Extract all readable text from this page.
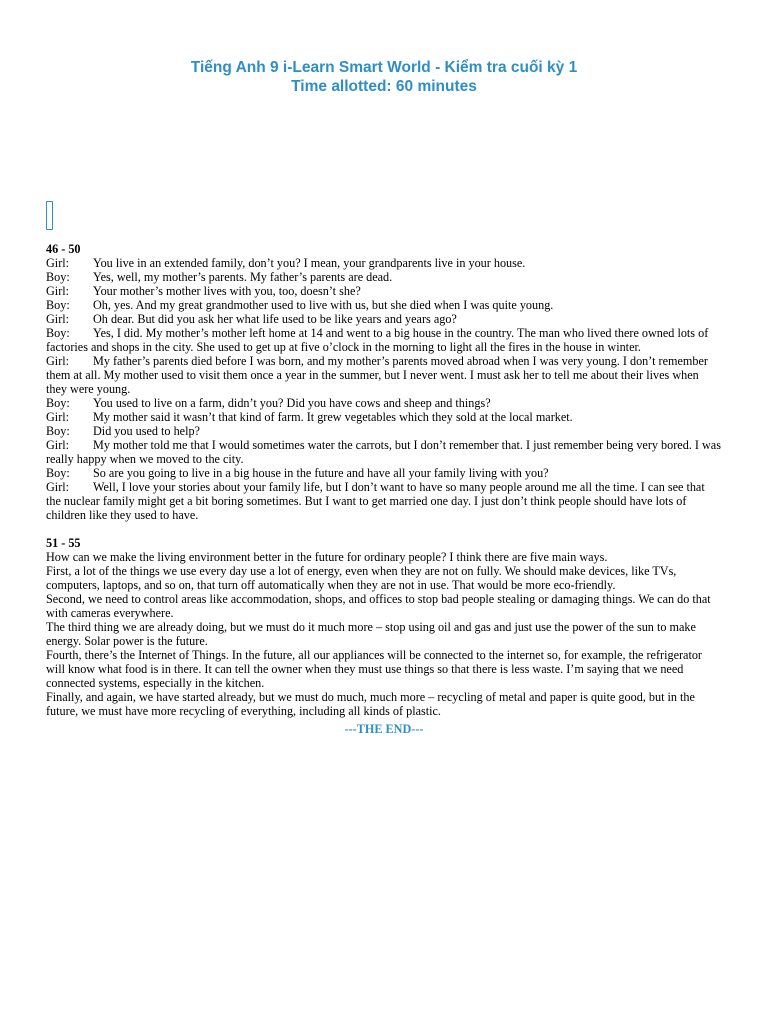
Tiếng Anh 9 i-Learn Smart World - Kiểm tra cuối kỳ 1
Time allotted: 60 minutes
46 - 50
Girl: You live in an extended family, don’t you? I mean, your grandparents live in your house.
Boy: Yes, well, my mother’s parents. My father’s parents are dead.
Girl: Your mother’s mother lives with you, too, doesn’t she?
Boy: Oh, yes. And my great grandmother used to live with us, but she died when I was quite young.
Girl: Oh dear. But did you ask her what life used to be like years and years ago?
Boy: Yes, I did. My mother’s mother left home at 14 and went to a big house in the country. The man who lived there owned lots of factories and shops in the city. She used to get up at five o’clock in the morning to light all the fires in the house in winter.
Girl: My father’s parents died before I was born, and my mother’s parents moved abroad when I was very young. I don’t remember them at all. My mother used to visit them once a year in the summer, but I never went. I must ask her to tell me about their lives when they were young.
Boy: You used to live on a farm, didn’t you? Did you have cows and sheep and things?
Girl: My mother said it wasn’t that kind of farm. It grew vegetables which they sold at the local market.
Boy: Did you used to help?
Girl: My mother told me that I would sometimes water the carrots, but I don’t remember that. I just remember being very bored. I was really happy when we moved to the city.
Boy: So are you going to live in a big house in the future and have all your family living with you?
Girl: Well, I love your stories about your family life, but I don’t want to have so many people around me all the time. I can see that the nuclear family might get a bit boring sometimes. But I want to get married one day. I just don’t think people should have lots of children like they used to have.
51 - 55
How can we make the living environment better in the future for ordinary people? I think there are five main ways.
First, a lot of the things we use every day use a lot of energy, even when they are not on fully. We should make devices, like TVs, computers, laptops, and so on, that turn off automatically when they are not in use. That would be more eco-friendly.
Second, we need to control areas like accommodation, shops, and offices to stop bad people stealing or damaging things. We can do that with cameras everywhere.
The third thing we are already doing, but we must do it much more – stop using oil and gas and just use the power of the sun to make energy. Solar power is the future.
Fourth, there’s the Internet of Things. In the future, all our appliances will be connected to the internet so, for example, the refrigerator will know what food is in there. It can tell the owner when they must use things so that there is less waste. I’m saying that we need connected systems, especially in the kitchen.
Finally, and again, we have started already, but we must do much, much more – recycling of metal and paper is quite good, but in the future, we must have more recycling of everything, including all kinds of plastic.
---THE END---
